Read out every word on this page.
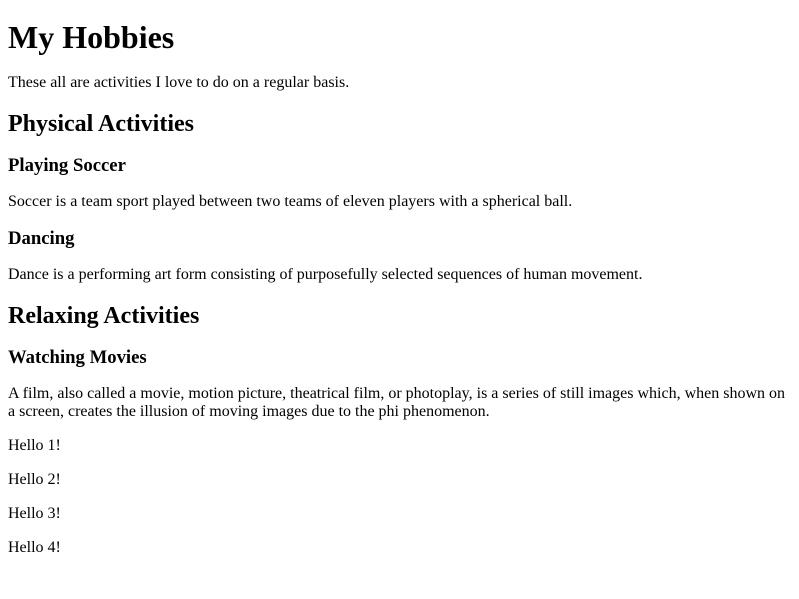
My Hobbies

These all are activities I love to do on a regular basis.

Physical Activities
Playing Soccer

Soccer is a team sport played between two teams of eleven players with a spherical ball.

Dancing

Dance is a performing art form consisting of purposefully selected sequences of human movement.

Relaxing Activities
Watching Movies

A film, also called a movie, motion picture, theatrical film, or photoplay, is a series of still images which, when shown on a screen, creates the illusion of moving images due to the phi phenomenon.

Hello 1!

Hello 2!

Hello 3!

Hello 4!
